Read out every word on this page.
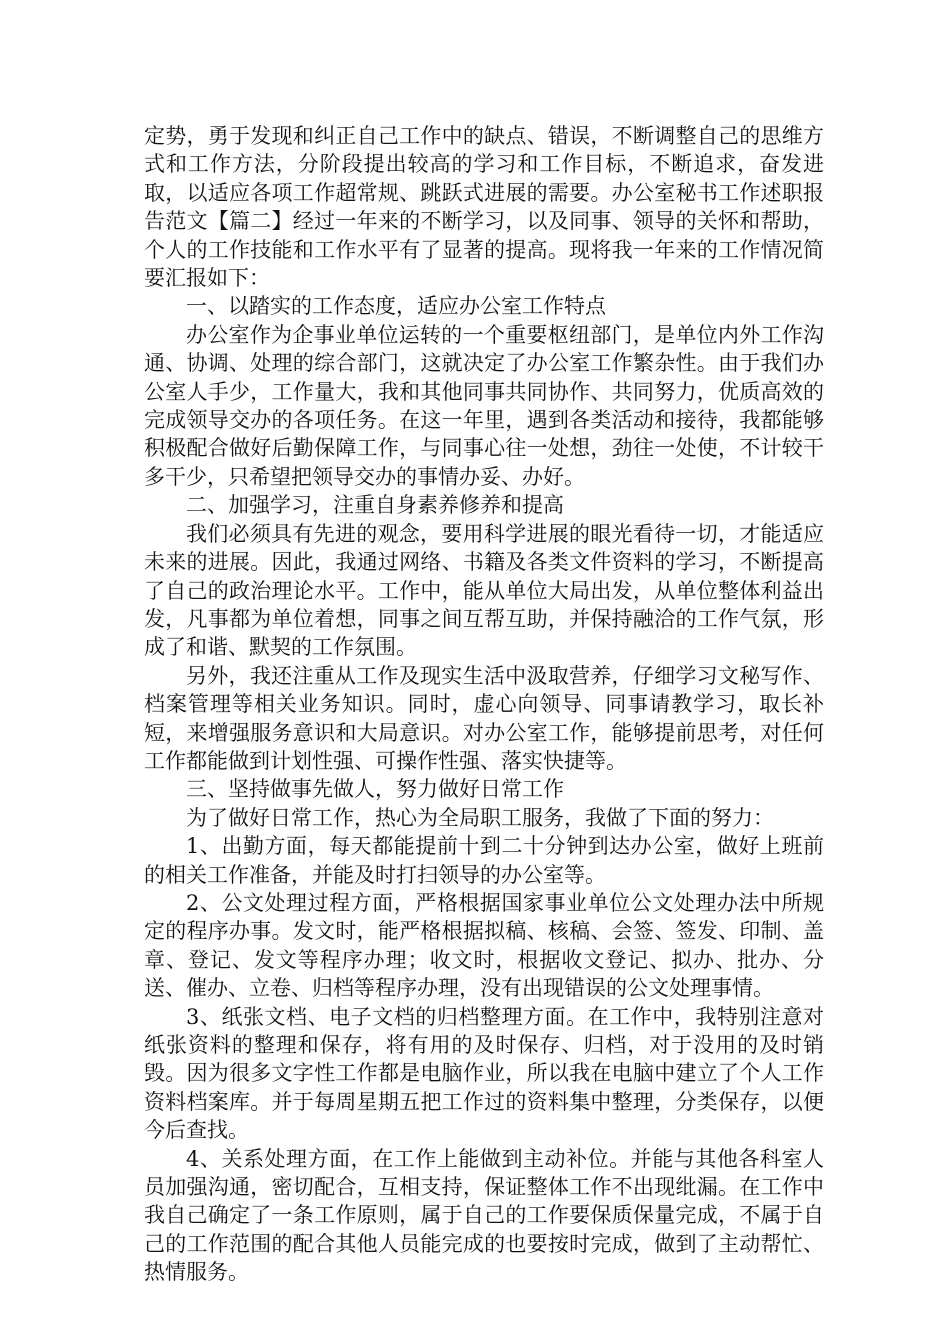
定势，勇于发现和纠正自己工作中的缺点、错误，不断调整自己的思维方式和工作方法，分阶段提出较高的学习和工作目标，不断追求，奋发进取，以适应各项工作超常规、跳跃式进展的需要。办公室秘书工作述职报告范文【篇二】经过一年来的不断学习，以及同事、领导的关怀和帮助，个人的工作技能和工作水平有了显著的提高。现将我一年来的工作情况简要汇报如下：

一、以踏实的工作态度，适应办公室工作特点

办公室作为企事业单位运转的一个重要枢纽部门，是单位内外工作沟通、协调、处理的综合部门，这就决定了办公室工作繁杂性。由于我们办公室人手少，工作量大，我和其他同事共同协作、共同努力，优质高效的完成领导交办的各项任务。在这一年里，遇到各类活动和接待，我都能够积极配合做好后勤保障工作，与同事心往一处想，劲往一处使，不计较干多干少，只希望把领导交办的事情办妥、办好。

二、加强学习，注重自身素养修养和提高

我们必须具有先进的观念，要用科学进展的眼光看待一切，才能适应未来的进展。因此，我通过网络、书籍及各类文件资料的学习，不断提高了自己的政治理论水平。工作中，能从单位大局出发，从单位整体利益出发，凡事都为单位着想，同事之间互帮互助，并保持融洽的工作气氛，形成了和谐、默契的工作氛围。

另外，我还注重从工作及现实生活中汲取营养，仔细学习文秘写作、档案管理等相关业务知识。同时，虚心向领导、同事请教学习，取长补短，来增强服务意识和大局意识。对办公室工作，能够提前思考，对任何工作都能做到计划性强、可操作性强、落实快捷等。

三、坚持做事先做人，努力做好日常工作

为了做好日常工作，热心为全局职工服务，我做了下面的努力：

1、出勤方面，每天都能提前十到二十分钟到达办公室，做好上班前的相关工作准备，并能及时打扫领导的办公室等。

2、公文处理过程方面，严格根据国家事业单位公文处理办法中所规定的程序办事。发文时，能严格根据拟稿、核稿、会签、签发、印制、盖章、登记、发文等程序办理；收文时，根据收文登记、拟办、批办、分送、催办、立卷、归档等程序办理，没有出现错误的公文处理事情。

3、纸张文档、电子文档的归档整理方面。在工作中，我特别注意对纸张资料的整理和保存，将有用的及时保存、归档，对于没用的及时销毁。因为很多文字性工作都是电脑作业，所以我在电脑中建立了个人工作资料档案库。并于每周星期五把工作过的资料集中整理，分类保存，以便今后查找。

4、关系处理方面，在工作上能做到主动补位。并能与其他各科室人员加强沟通，密切配合，互相支持，保证整体工作不出现纰漏。在工作中我自己确定了一条工作原则，属于自己的工作要保质保量完成，不属于自己的工作范围的配合其他人员能完成的也要按时完成，做到了主动帮忙、热情服务。
